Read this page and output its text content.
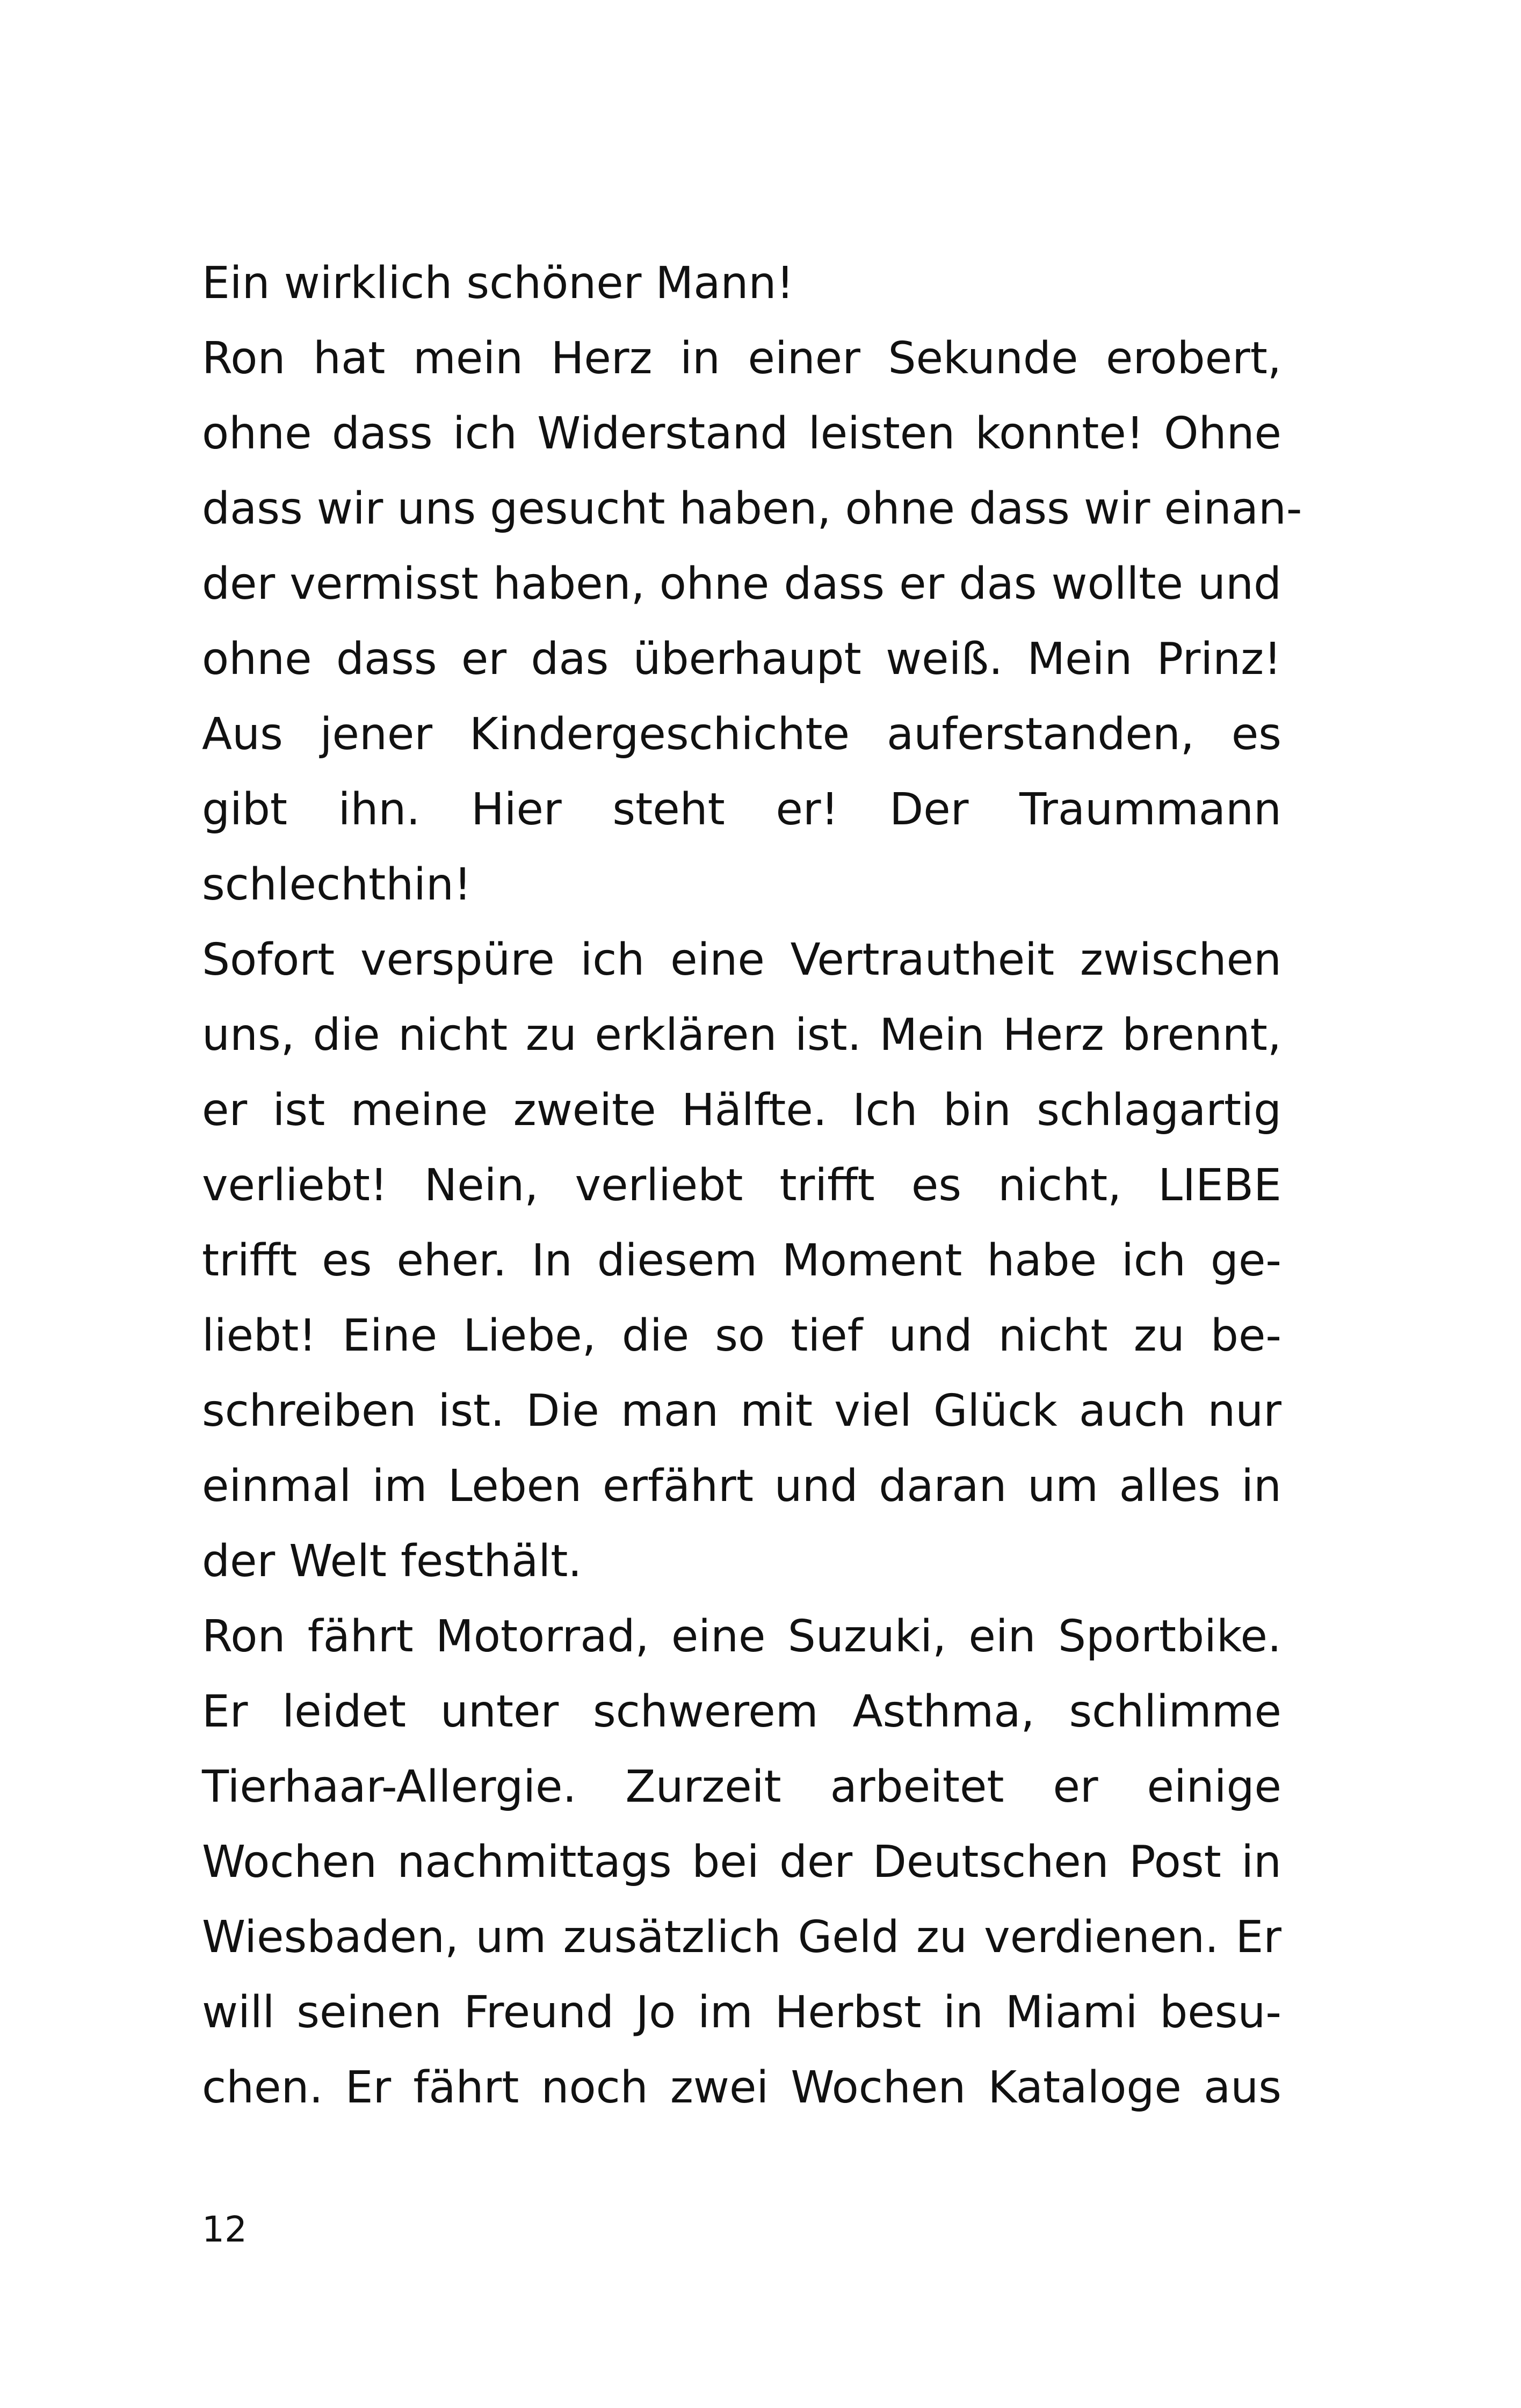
Ein wirklich schöner Mann!
Ron hat mein Herz in einer Sekunde erobert,
ohne dass ich Widerstand leisten konnte! Ohne
dass wir uns gesucht haben, ohne dass wir einan-
der vermisst haben, ohne dass er das wollte und
ohne dass er das überhaupt weiß. Mein Prinz!
Aus jener Kindergeschichte auferstanden, es
gibt ihn. Hier steht er! Der Traummann
schlechthin!
Sofort verspüre ich eine Vertrautheit zwischen
uns, die nicht zu erklären ist. Mein Herz brennt,
er ist meine zweite Hälfte. Ich bin schlagartig
verliebt! Nein, verliebt trifft es nicht, LIEBE
trifft es eher. In diesem Moment habe ich ge-
liebt! Eine Liebe, die so tief und nicht zu be-
schreiben ist. Die man mit viel Glück auch nur
einmal im Leben erfährt und daran um alles in
der Welt festhält.
Ron fährt Motorrad, eine Suzuki, ein Sportbike.
Er leidet unter schwerem Asthma, schlimme
Tierhaar-Allergie. Zurzeit arbeitet er einige
Wochen nachmittags bei der Deutschen Post in
Wiesbaden, um zusätzlich Geld zu verdienen. Er
will seinen Freund Jo im Herbst in Miami besu-
chen. Er fährt noch zwei Wochen Kataloge aus
12
